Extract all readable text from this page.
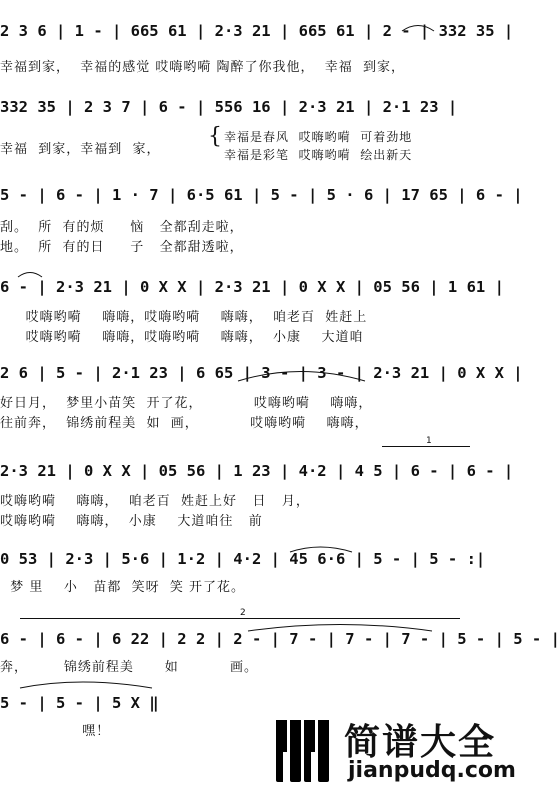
1
2
2 3 6 | 1 - | 665 61 | 2·3 21 | 665 61 | 2 - | 332 35 |
幸福到家，  幸福的感觉 哎嗨哟嗬 陶醉了你我他，  幸福  到家，
332 35 | 2 3 7 | 6 - | 556 16 | 2·3 21 | 2·1 23 |
幸福  到家，幸福到  家，
{ 幸福是春风  哎嗨哟嗬  可着劲地
幸福是彩笔  哎嗨哟嗬  绘出新天
5 - | 6 - | 1 · 7 | 6·5 61 | 5 - | 5 · 6 | 17 65 | 6 - |
刮。  所  有的烦     恼   全都刮走啦，
地。  所  有的日     子   全都甜透啦，
6 - | 2·3 21 | 0 X X | 2·3 21 | 0 X X | 05 56 | 1 61 |
哎嗨哟嗬    嗨嗨，哎嗨哟嗬    嗨嗨，  咱老百  姓赶上
哎嗨哟嗬    嗨嗨，哎嗨哟嗬    嗨嗨，  小康    大道咱
2 6 | 5 - | 2·1 23 | 6 65 | 3 - | 3 - | 2·3 21 | 0 X X |
好日月，  梦里小苗笑  开了花，          哎嗨哟嗬    嗨嗨，
往前奔，  锦绣前程美  如  画，          哎嗨哟嗬    嗨嗨，
2·3 21 | 0 X X | 05 56 | 1 23 | 4·2 | 4 5 | 6 - | 6 - |
哎嗨哟嗬    嗨嗨，  咱老百  姓赶上好   日   月，
哎嗨哟嗬    嗨嗨，  小康    大道咱往   前
0 53 | 2·3 | 5·6 | 1·2 | 4·2 | 45 6·6 | 5 - | 5 - :|
梦 里    小   苗都  笑呀  笑 开了花。
6 - | 6 - | 6 22 | 2 2 | 2 - | 7 - | 7 - | 7 - | 5 - | 5 - |
奔，       锦绣前程美      如          画。
5 - | 5 - | 5 X ‖
嘿！	简谱大全
jianpudq.com
